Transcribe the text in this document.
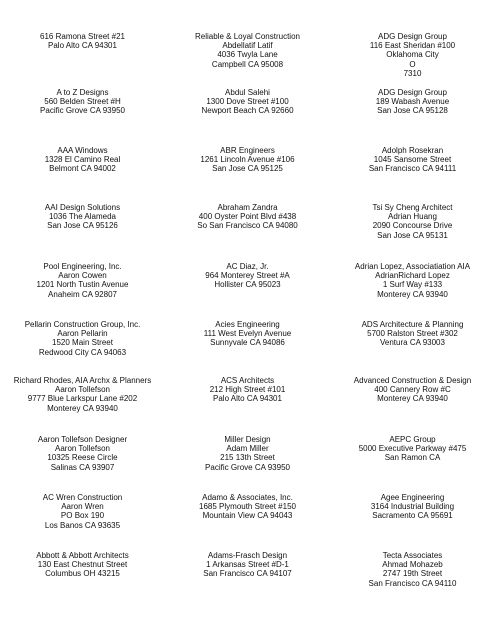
616 Ramona Street #21
Palo Alto CA 94301
Reliable & Loyal Construction
Abdellatif Latif
4036 Twyla Lane
Campbell CA 95008
ADG Design Group
116 East Sheridan #100
Oklahoma City
O
7310
A to Z Designs
560 Belden Street #H
Pacific Grove CA 93950
Abdul Salehi
1300 Dove Street #100
Newport Beach CA 92660
ADG Design Group
189 Wabash Avenue
San Jose CA 95128
AAA Windows
1328 El Camino Real
Belmont CA 94002
ABR Engineers
1261 Lincoln Avenue #106
San Jose CA 95125
Adolph Rosekran
1045 Sansome Street
San Francisco CA 94111
AAI Design Solutions
1036 The Alameda
San Jose CA 95126
Abraham Zandra
400 Oyster Point Blvd #438
So San Francisco CA 94080
Tsi Sy Cheng Architect
Adrian Huang
2090 Concourse Drive
San Jose CA 95131
Pool Engineering, Inc.
Aaron Cowen
1201 North Tustin Avenue
Anaheim CA 92807
AC Diaz, Jr.
964 Monterey Street #A
Hollister CA 95023
Adrian Lopez, Associatiation AIA
AdrianRichard Lopez
1 Surf Way #133
Monterey CA 93940
Pellarin Construction Group, Inc.
Aaron Pellarin
1520 Main Street
Redwood City CA 94063
Acies Engineering
111 West Evelyn Avenue
Sunnyvale CA 94086
ADS Architecture & Planning
5700 Ralston Street #302
Ventura CA 93003
Richard Rhodes, AIA Archx & Planners
Aaron Tollefson
9777 Blue Larkspur Lane #202
Monterey CA 93940
ACS Architects
212 High Street #101
Palo Alto CA 94301
Advanced Construction & Design
400 Cannery Row #C
Monterey CA 93940
Aaron Tollefson Designer
Aaron Tollefson
10325 Reese Circle
Salinas CA 93907
Miller Design
Adam Miller
215 13th Street
Pacific Grove CA 93950
AEPC Group
5000 Executive Parkway #475
San Ramon CA
AC Wren Construction
Aaron Wren
PO Box 190
Los Banos CA 93635
Adamo & Associates, Inc.
1685 Plymouth Street #150
Mountain View CA 94043
Agee Engineering
3164 Industrial Building
Sacramento CA 95691
Abbott & Abbott Architects
130 East Chestnut Street
Columbus OH 43215
Adams-Frasch Design
1 Arkansas Street #D-1
San Francisco CA 94107
Tecta Associates
Ahmad Mohazeb
2747 19th Street
San Francisco CA 94110
